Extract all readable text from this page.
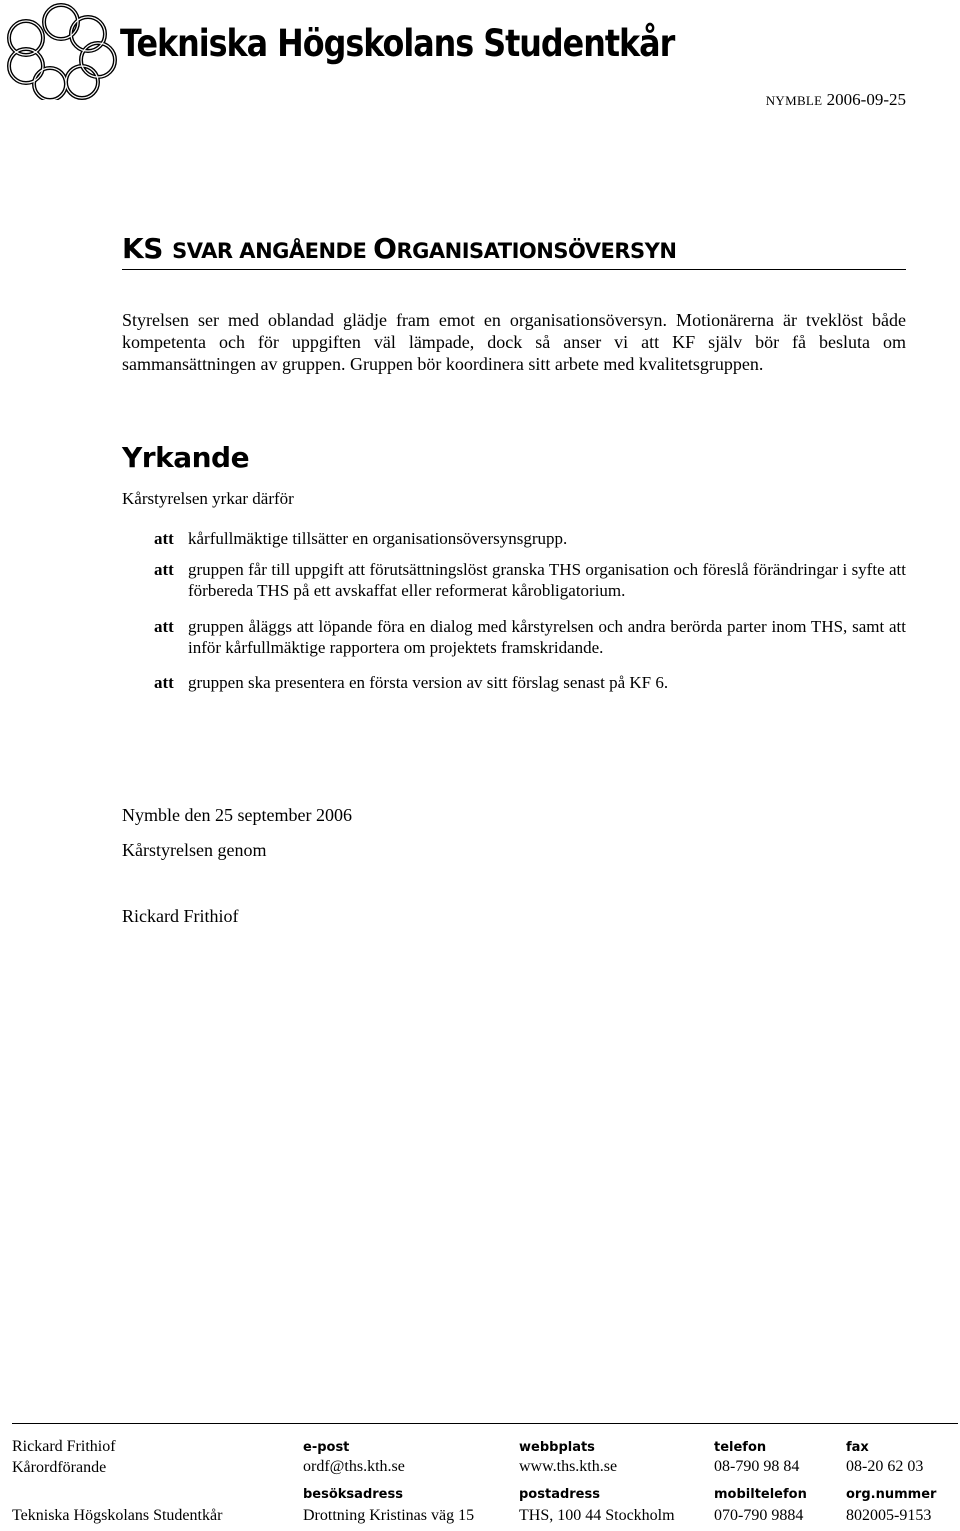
Tekniska Högskolans Studentkår
NYMBLE 2006-09-25
KS SVAR ANGÅENDE ORGANISATIONSÖVERSYN
Styrelsen ser med oblandad glädje fram emot en organisationsöversyn. Motionärerna är tveklöst både kompetenta och för uppgiften väl lämpade, dock så anser vi att KF själv bör få besluta om sammansättningen av gruppen. Gruppen bör koordinera sitt arbete med kvalitetsgruppen.
Yrkande
Kårstyrelsen yrkar därför
att kårfullmäktige tillsätter en organisationsöversynsgrupp.
att gruppen får till uppgift att förutsättningslöst granska THS organisation och föreslå förändringar i syfte att förbereda THS på ett avskaffat eller reformerat kårobligatorium.
att gruppen åläggs att löpande föra en dialog med kårstyrelsen och andra berörda parter inom THS, samt att inför kårfullmäktige rapportera om projektets framskridande.
att gruppen ska presentera en första version av sitt förslag senast på KF 6.
Nymble den 25 september 2006
Kårstyrelsen genom
Rickard Frithiof
Rickard Frithiof
Kårordförande
Tekniska Högskolans Studentkår
e-post
ordf@ths.kth.se
besöksadress
Drottning Kristinas väg 15
webbplats
www.ths.kth.se
postadress
THS, 100 44 Stockholm
telefon
08-790 98 84
mobiltelefon
070-790 9884
fax
08-20 62 03
org.nummer
802005-9153
